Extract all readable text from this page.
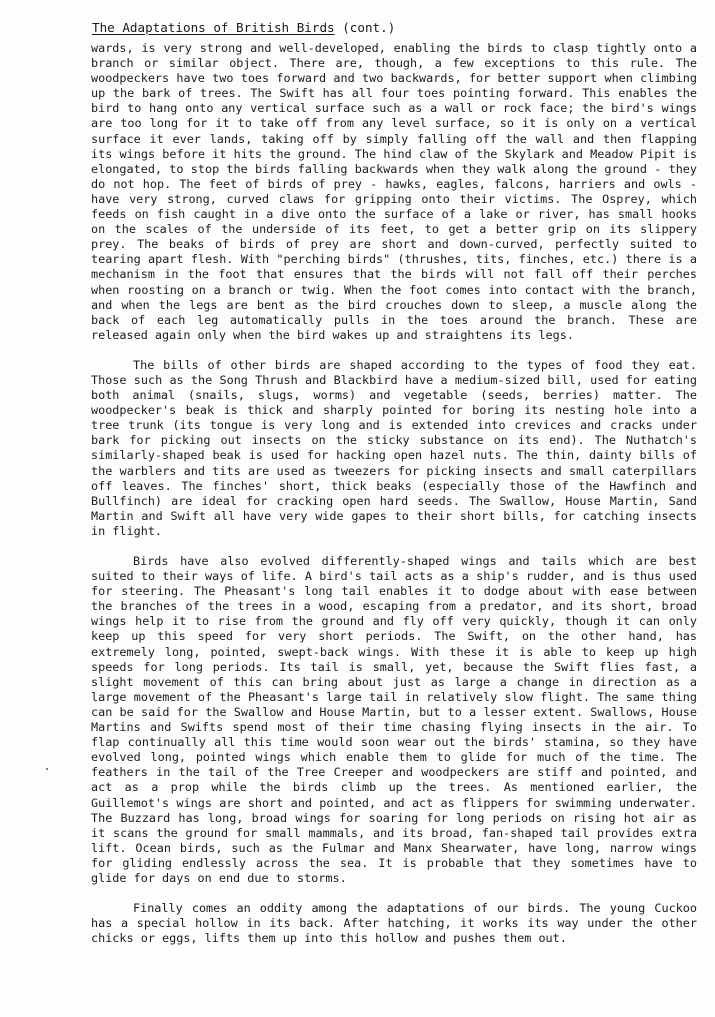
The Adaptations of British Birds (cont.)

wards, is very strong and well-developed, enabling the birds to clasp tightly onto a branch or similar object. There are, though, a few exceptions to this rule. The woodpeckers have two toes forward and two backwards, for better support when climbing up the bark of trees. The Swift has all four toes pointing forward. This enables the bird to hang onto any vertical surface such as a wall or rock face; the bird's wings are too long for it to take off from any level surface, so it is only on a vertical surface it ever lands, taking off by simply falling off the wall and then flapping its wings before it hits the ground. The hind claw of the Skylark and Meadow Pipit is elongated, to stop the birds falling backwards when they walk along the ground - they do not hop. The feet of birds of prey - hawks, eagles, falcons, harriers and owls - have very strong, curved claws for gripping onto their victims. The Osprey, which feeds on fish caught in a dive onto the surface of a lake or river, has small hooks on the scales of the underside of its feet, to get a better grip on its slippery prey. The beaks of birds of prey are short and down-curved, perfectly suited to tearing apart flesh. With "perching birds" (thrushes, tits, finches, etc.) there is a mechanism in the foot that ensures that the birds will not fall off their perches when roosting on a branch or twig. When the foot comes into contact with the branch, and when the legs are bent as the bird crouches down to sleep, a muscle along the back of each leg automatically pulls in the toes around the branch. These are released again only when the bird wakes up and straightens its legs.

The bills of other birds are shaped according to the types of food they eat. Those such as the Song Thrush and Blackbird have a medium-sized bill, used for eating both animal (snails, slugs, worms) and vegetable (seeds, berries) matter. The woodpecker's beak is thick and sharply pointed for boring its nesting hole into a tree trunk (its tongue is very long and is extended into crevices and cracks under bark for picking out insects on the sticky substance on its end). The Nuthatch's similarly-shaped beak is used for hacking open hazel nuts. The thin, dainty bills of the warblers and tits are used as tweezers for picking insects and small caterpillars off leaves. The finches' short, thick beaks (especially those of the Hawfinch and Bullfinch) are ideal for cracking open hard seeds. The Swallow, House Martin, Sand Martin and Swift all have very wide gapes to their short bills, for catching insects in flight.

Birds have also evolved differently-shaped wings and tails which are best suited to their ways of life. A bird's tail acts as a ship's rudder, and is thus used for steering. The Pheasant's long tail enables it to dodge about with ease between the branches of the trees in a wood, escaping from a predator, and its short, broad wings help it to rise from the ground and fly off very quickly, though it can only keep up this speed for very short periods. The Swift, on the other hand, has extremely long, pointed, swept-back wings. With these it is able to keep up high speeds for long periods. Its tail is small, yet, because the Swift flies fast, a slight movement of this can bring about just as large a change in direction as a large movement of the Pheasant's large tail in relatively slow flight. The same thing can be said for the Swallow and House Martin, but to a lesser extent. Swallows, House Martins and Swifts spend most of their time chasing flying insects in the air. To flap continually all this time would soon wear out the birds' stamina, so they have evolved long, pointed wings which enable them to glide for much of the time. The feathers in the tail of the Tree Creeper and woodpeckers are stiff and pointed, and act as a prop while the birds climb up the trees. As mentioned earlier, the Guillemot's wings are short and pointed, and act as flippers for swimming underwater. The Buzzard has long, broad wings for soaring for long periods on rising hot air as it scans the ground for small mammals, and its broad, fan-shaped tail provides extra lift. Ocean birds, such as the Fulmar and Manx Shearwater, have long, narrow wings for gliding endlessly across the sea. It is probable that they sometimes have to glide for days on end due to storms.

Finally comes an oddity among the adaptations of our birds. The young Cuckoo has a special hollow in its back. After hatching, it works its way under the other chicks or eggs, lifts them up into this hollow and pushes them out.
